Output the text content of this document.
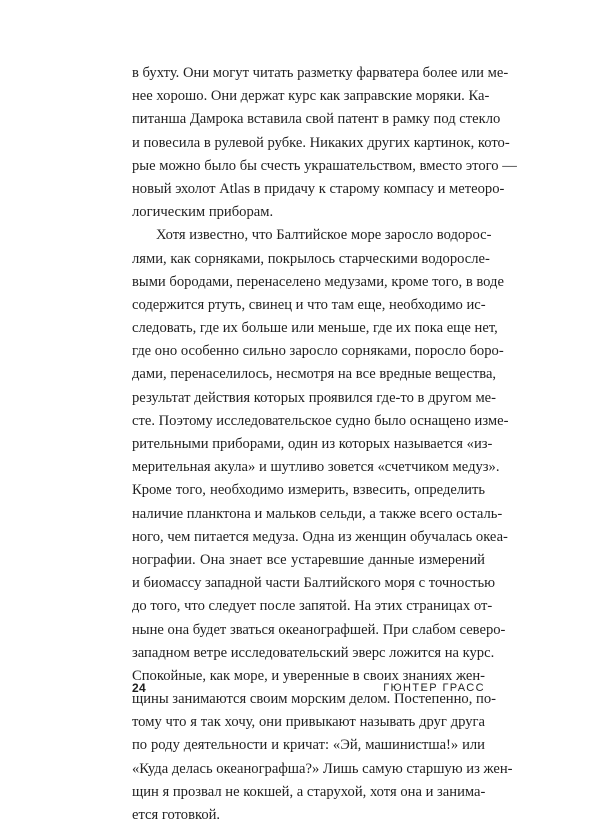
в бухту. Они могут читать разметку фарватера более или ме-
нее хорошо. Они держат курс как заправские моряки. Ка-
питанша Дамрока вставила свой патент в рамку под стекло
и повесила в рулевой рубке. Никаких других картинок, кото-
рые можно было бы счесть украшательством, вместо этого —
новый эхолот Atlas в придачу к старому компасу и метеоро-
логическим приборам.
Хотя известно, что Балтийское море заросло водорос-
лями, как сорняками, покрылось старческими водоросле-
выми бородами, перенаселено медузами, кроме того, в воде
содержится ртуть, свинец и что там еще, необходимо ис-
следовать, где их больше или меньше, где их пока еще нет,
где оно особенно сильно заросло сорняками, поросло боро-
дами, перенаселилось, несмотря на все вредные вещества,
результат действия которых проявился где-то в другом ме-
сте. Поэтому исследовательское судно было оснащено изме-
рительными приборами, один из которых называется «из-
мерительная акула» и шутливо зовется «счетчиком медуз».
Кроме того, необходимо измерить, взвесить, определить
наличие планктона и мальков сельди, а также всего осталь-
ного, чем питается медуза. Одна из женщин обучалась океа-
нографии. Она знает все устаревшие данные измерений
и биомассу западной части Балтийского моря с точностью
до того, что следует после запятой. На этих страницах от-
ныне она будет зваться океанографшей. При слабом северо-
западном ветре исследовательский эверс ложится на курс.
Спокойные, как море, и уверенные в своих знаниях жен-
щины занимаются своим морским делом. Постепенно, по-
тому что я так хочу, они привыкают называть друг друга
по роду деятельности и кричат: «Эй, машинистша!» или
«Куда делась океанографша?» Лишь самую старшую из жен-
щин я прозвал не кокшей, а старухой, хотя она и занима-
ется готовкой.
24	ГЮНТЕР ГРАСС
